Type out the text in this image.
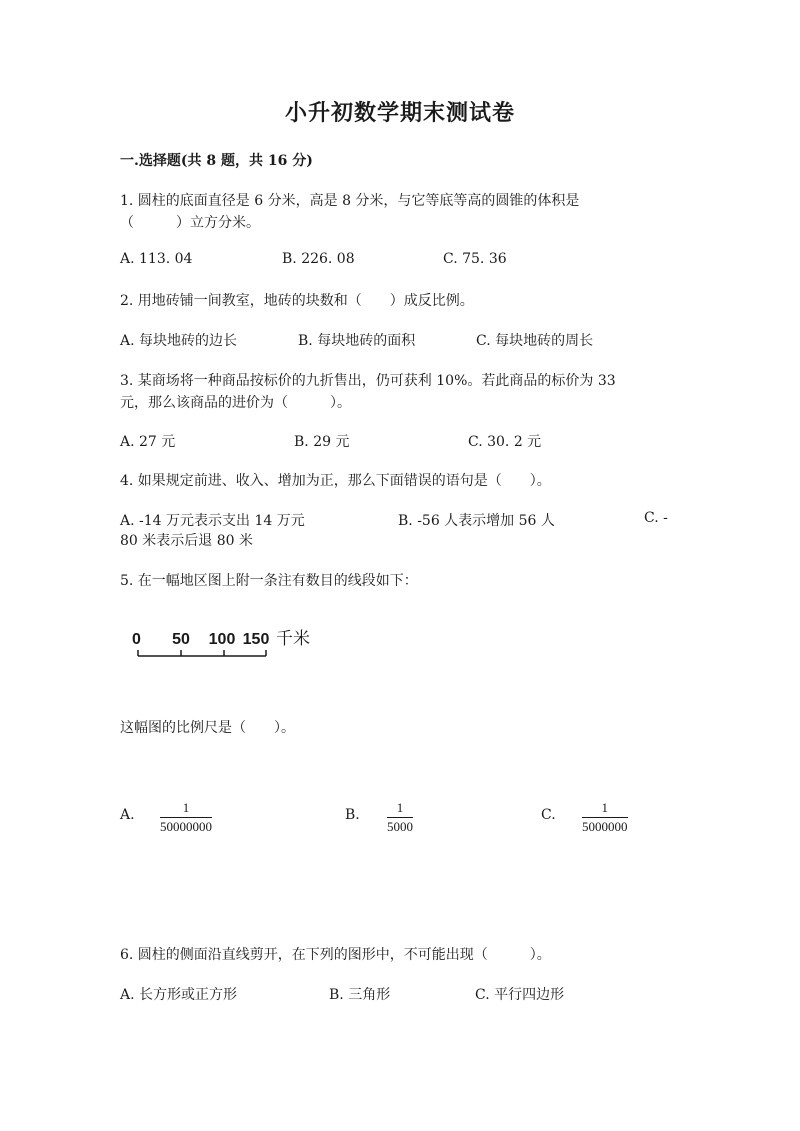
小升初数学期末测试卷
一.选择题(共 8 题，共 16 分)
1. 圆柱的底面直径是 6 分米，高是 8 分米，与它等底等高的圆锥的体积是
（　　　）立方分米。
A. 113. 04	B. 226. 08	C. 75. 36
2. 用地砖铺一间教室，地砖的块数和（　　）成反比例。
A. 每块地砖的边长	B. 每块地砖的面积	C. 每块地砖的周长
3. 某商场将一种商品按标价的九折售出，仍可获利 10%。若此商品的标价为 33
元，那么该商品的进价为（　　　）。
A. 27 元	B. 29 元	C. 30. 2 元
4. 如果规定前进、收入、增加为正，那么下面错误的语句是（　　）。
A. -14 万元表示支出 14 万元	B. -56 人表示增加 56 人	C. -
80 米表示后退 80 米
5. 在一幅地区图上附一条注有数目的线段如下：
0 50 100 150 千米
这幅图的比例尺是（　　）。
A. $\frac{1}{50000000}$	B. $\frac{1}{5000}$	C. $\frac{1}{5000000}$
6. 圆柱的侧面沿直线剪开，在下列的图形中，不可能出现（　　　）。
A. 长方形或正方形	B. 三角形	C. 平行四边形
